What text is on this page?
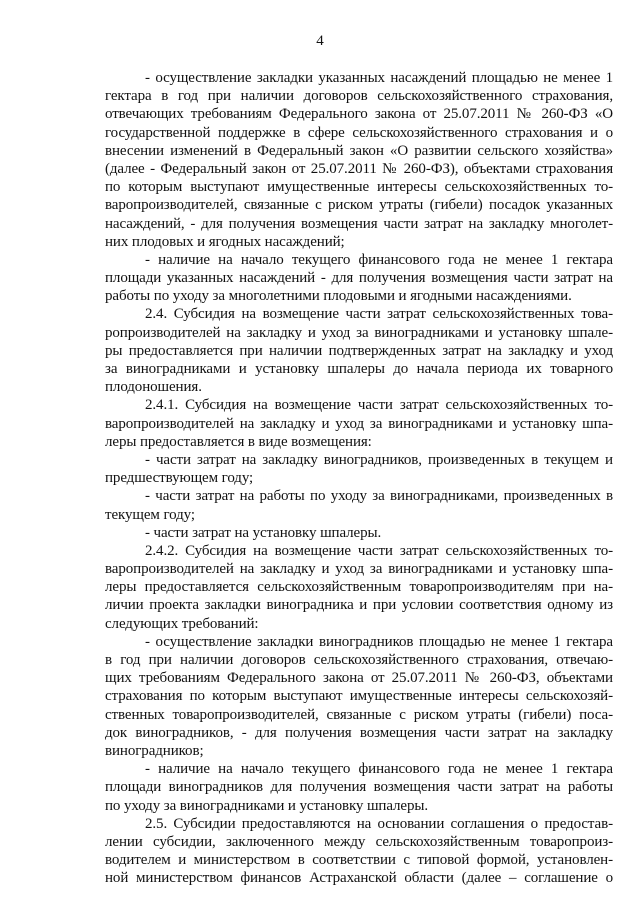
4
- осуществление закладки указанных насаждений площадью не менее 1
гектара в год при наличии договоров сельскохозяйственного страхования,
отвечающих требованиям Федерального закона от 25.07.2011 № 260-ФЗ «О
государственной поддержке в сфере сельскохозяйственного страхования и о
внесении изменений в Федеральный закон «О развитии сельского хозяйства»
(далее - Федеральный закон от 25.07.2011 № 260-ФЗ), объектами страхования
по которым выступают имущественные интересы сельскохозяйственных то-
варопроизводителей, связанные с риском утраты (гибели) посадок указанных
насаждений, - для получения возмещения части затрат на закладку многолет-
них плодовых и ягодных насаждений;
- наличие на начало текущего финансового года не менее 1 гектара
площади указанных насаждений - для получения возмещения части затрат на
работы по уходу за многолетними плодовыми и ягодными насаждениями.
2.4. Субсидия на возмещение части затрат сельскохозяйственных това-
ропроизводителей на закладку и уход за виноградниками и установку шпале-
ры предоставляется при наличии подтвержденных затрат на закладку и уход
за виноградниками и установку шпалеры до начала периода их товарного
плодоношения.
2.4.1. Субсидия на возмещение части затрат сельскохозяйственных то-
варопроизводителей на закладку и уход за виноградниками и установку шпа-
леры предоставляется в виде возмещения:
- части затрат на закладку виноградников, произведенных в текущем и
предшествующем году;
- части затрат на работы по уходу за виноградниками, произведенных в
текущем году;
- части затрат на установку шпалеры.
2.4.2. Субсидия на возмещение части затрат сельскохозяйственных то-
варопроизводителей на закладку и уход за виноградниками и установку шпа-
леры предоставляется сельскохозяйственным товаропроизводителям при на-
личии проекта закладки виноградника и при условии соответствия одному из
следующих требований:
- осуществление закладки виноградников площадью не менее 1 гектара
в год при наличии договоров сельскохозяйственного страхования, отвечаю-
щих требованиям Федерального закона от 25.07.2011 № 260-ФЗ, объектами
страхования по которым выступают имущественные интересы сельскохозяй-
ственных товаропроизводителей, связанные с риском утраты (гибели) поса-
док виноградников, - для получения возмещения части затрат на закладку
виноградников;
- наличие на начало текущего финансового года не менее 1 гектара
площади виноградников для получения возмещения части затрат на работы
по уходу за виноградниками и установку шпалеры.
2.5. Субсидии предоставляются на основании соглашения о предостав-
лении субсидии, заключенного между сельскохозяйственным товаропроиз-
водителем и министерством в соответствии с типовой формой, установлен-
ной министерством финансов Астраханской области (далее – соглашение о
